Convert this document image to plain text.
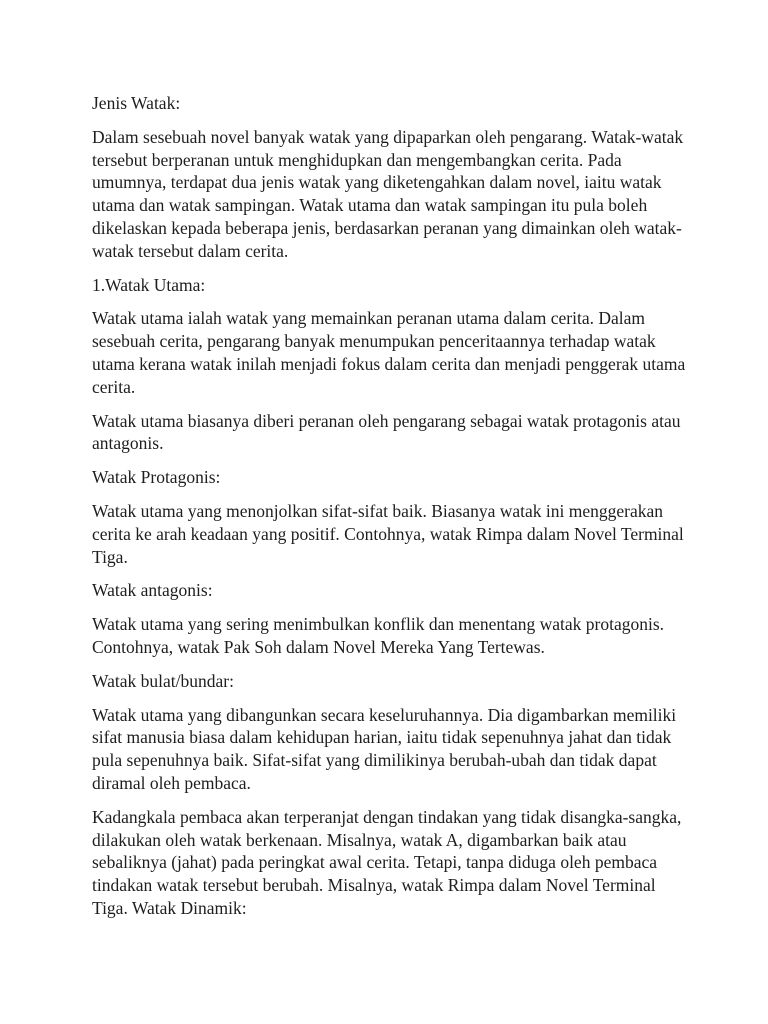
Jenis Watak:

Dalam sesebuah novel banyak watak yang dipaparkan oleh pengarang. Watak-watak tersebut berperanan untuk menghidupkan dan mengembangkan cerita. Pada umumnya, terdapat dua jenis watak yang diketengahkan dalam novel, iaitu watak utama dan watak sampingan. Watak utama dan watak sampingan itu pula boleh dikelaskan kepada beberapa jenis, berdasarkan peranan yang dimainkan oleh watak-watak tersebut dalam cerita.

1.Watak Utama:

Watak utama ialah watak yang memainkan peranan utama dalam cerita. Dalam sesebuah cerita, pengarang banyak menumpukan penceritaannya terhadap watak utama kerana watak inilah menjadi fokus dalam cerita dan menjadi penggerak utama cerita.

Watak utama biasanya diberi peranan oleh pengarang sebagai watak protagonis atau antagonis.

Watak Protagonis:

Watak utama yang menonjolkan sifat-sifat baik. Biasanya watak ini menggerakan cerita ke arah keadaan yang positif. Contohnya, watak Rimpa dalam Novel Terminal Tiga.

Watak antagonis:

Watak utama yang sering menimbulkan konflik dan menentang watak protagonis. Contohnya, watak Pak Soh dalam Novel Mereka Yang Tertewas.

Watak bulat/bundar:

Watak utama yang dibangunkan secara keseluruhannya. Dia digambarkan memiliki sifat manusia biasa dalam kehidupan harian, iaitu tidak sepenuhnya jahat dan tidak pula sepenuhnya baik. Sifat-sifat yang dimilikinya berubah-ubah dan tidak dapat diramal oleh pembaca.

Kadangkala pembaca akan terperanjat dengan tindakan yang tidak disangka-sangka, dilakukan oleh watak berkenaan. Misalnya, watak A, digambarkan baik atau sebaliknya (jahat) pada peringkat awal cerita. Tetapi, tanpa diduga oleh pembaca tindakan watak tersebut berubah. Misalnya, watak Rimpa dalam Novel Terminal Tiga. Watak Dinamik:
